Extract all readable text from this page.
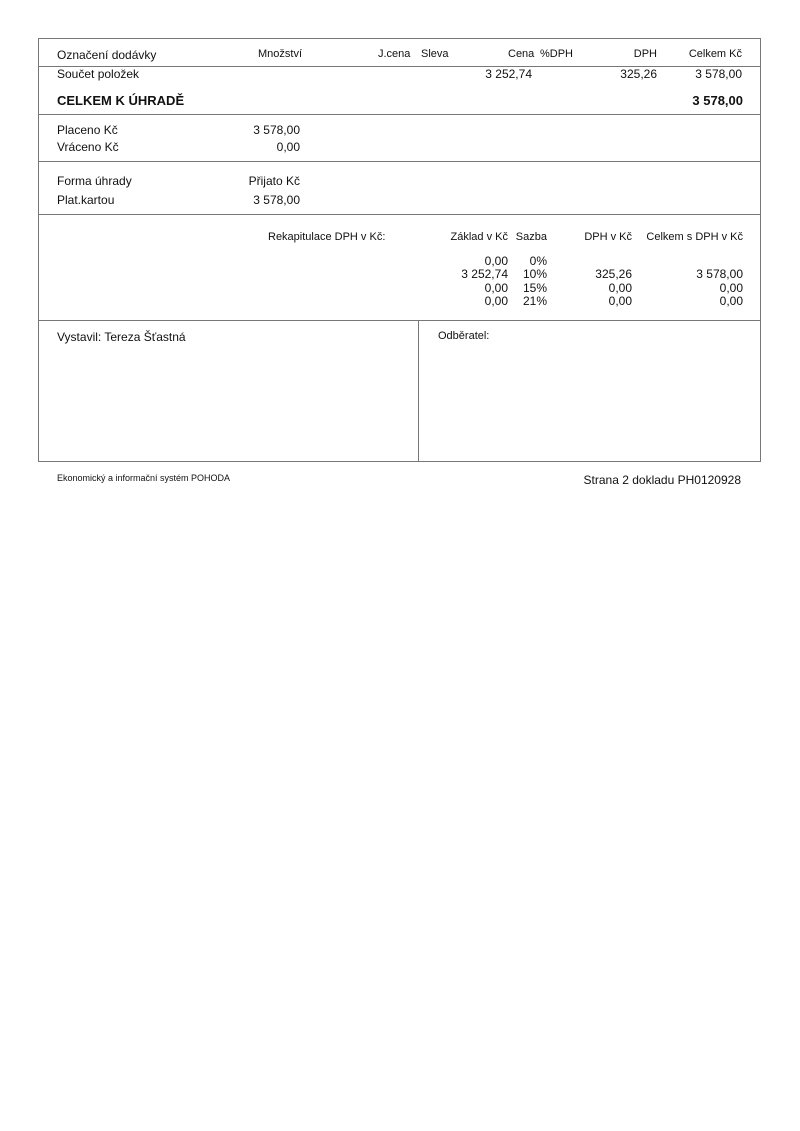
Označení dodávky	Množství	J.cena Sleva	Cena %DPH	DPH	Celkem Kč
Součet položek	3 252,74	325,26	3 578,00
CELKEM K ÚHRADĚ	3 578,00
Placeno Kč	3 578,00
Vráceno Kč	0,00
Forma úhrady	Přijato Kč
Plat.kartou	3 578,00
Rekapitulace DPH v Kč:	Základ v Kč Sazba	DPH v Kč	Celkem s DPH v Kč
0,00	0%
3 252,74	10%	325,26	3 578,00
0,00	15%	0,00	0,00
0,00	21%	0,00	0,00
Vystavil: Tereza Šťastná	Odběratel:
Ekonomický a informační systém POHODA	Strana 2 dokladu PH0120928
